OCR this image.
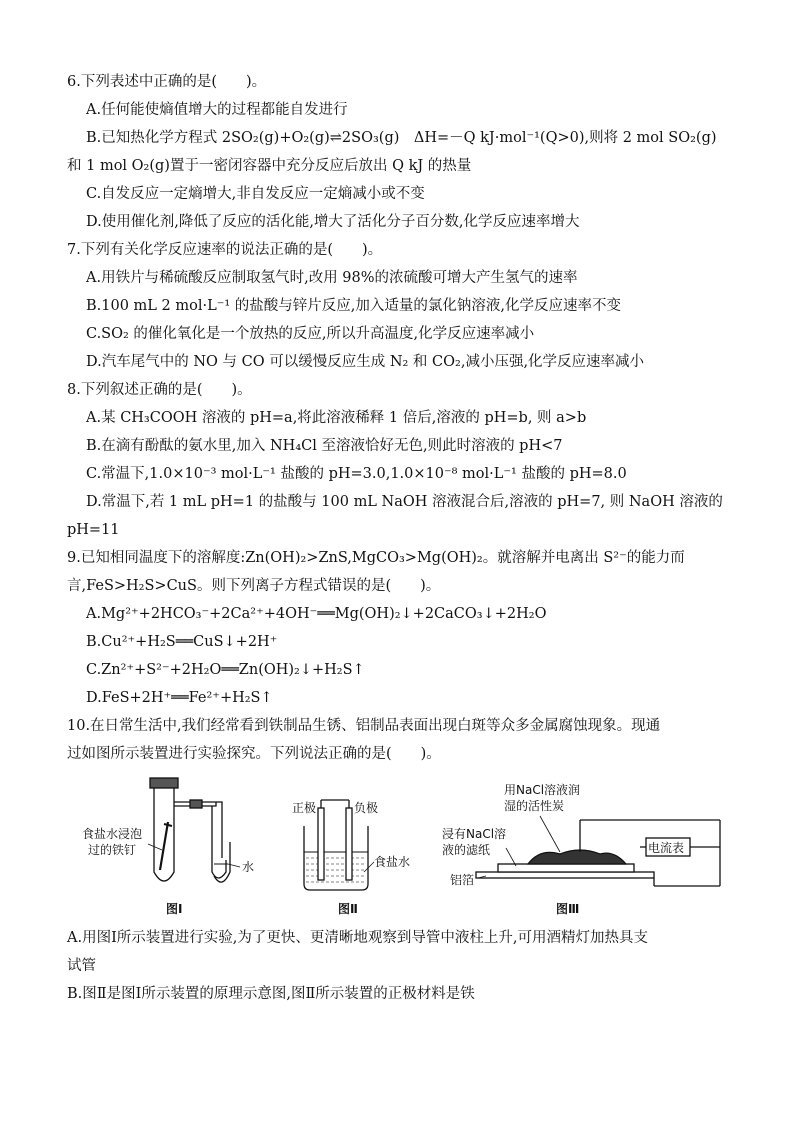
6.下列表述中正确的是(　　)。
A.任何能使熵值增大的过程都能自发进行
B.已知热化学方程式 2SO₂(g)+O₂(g)⇌2SO₃(g)　ΔH=－Q kJ·mol⁻¹(Q>0),则将 2 mol SO₂(g)
和 1 mol O₂(g)置于一密闭容器中充分反应后放出 Q kJ 的热量
C.自发反应一定熵增大,非自发反应一定熵减小或不变
D.使用催化剂,降低了反应的活化能,增大了活化分子百分数,化学反应速率增大
7.下列有关化学反应速率的说法正确的是(　　)。
A.用铁片与稀硫酸反应制取氢气时,改用 98%的浓硫酸可增大产生氢气的速率
B.100 mL 2 mol·L⁻¹ 的盐酸与锌片反应,加入适量的氯化钠溶液,化学反应速率不变
C.SO₂ 的催化氧化是一个放热的反应,所以升高温度,化学反应速率减小
D.汽车尾气中的 NO 与 CO 可以缓慢反应生成 N₂ 和 CO₂,减小压强,化学反应速率减小
8.下列叙述正确的是(　　)。
A.某 CH₃COOH 溶液的 pH=a,将此溶液稀释 1 倍后,溶液的 pH=b, 则 a>b
B.在滴有酚酞的氨水里,加入 NH₄Cl 至溶液恰好无色,则此时溶液的 pH<7
C.常温下,1.0×10⁻³ mol·L⁻¹ 盐酸的 pH=3.0,1.0×10⁻⁸ mol·L⁻¹ 盐酸的 pH=8.0
D.常温下,若 1 mL pH=1 的盐酸与 100 mL NaOH 溶液混合后,溶液的 pH=7, 则 NaOH 溶液的
pH=11
9.已知相同温度下的溶解度:Zn(OH)₂>ZnS,MgCO₃>Mg(OH)₂。就溶解并电离出 S²⁻的能力而
言,FeS>H₂S>CuS。则下列离子方程式错误的是(　　)。
A.Mg²⁺+2HCO₃⁻+2Ca²⁺+4OH⁻══Mg(OH)₂↓+2CaCO₃↓+2H₂O
B.Cu²⁺+H₂S══CuS↓+2H⁺
C.Zn²⁺+S²⁻+2H₂O══Zn(OH)₂↓+H₂S↑
D.FeS+2H⁺══Fe²⁺+H₂S↑
10.在日常生活中,我们经常看到铁制品生锈、铝制品表面出现白斑等众多金属腐蚀现象。现通
过如图所示装置进行实验探究。下列说法正确的是(　　)。
食盐水浸泡
过的铁钉
水
图Ⅰ
正极	负极
食盐水
图Ⅱ
用NaCl溶液润
湿的活性炭
浸有NaCl溶
液的滤纸	电流表
铝箔
图Ⅲ
A.用图Ⅰ所示装置进行实验,为了更快、更清晰地观察到导管中液柱上升,可用酒精灯加热具支
试管
B.图Ⅱ是图Ⅰ所示装置的原理示意图,图Ⅱ所示装置的正极材料是铁
